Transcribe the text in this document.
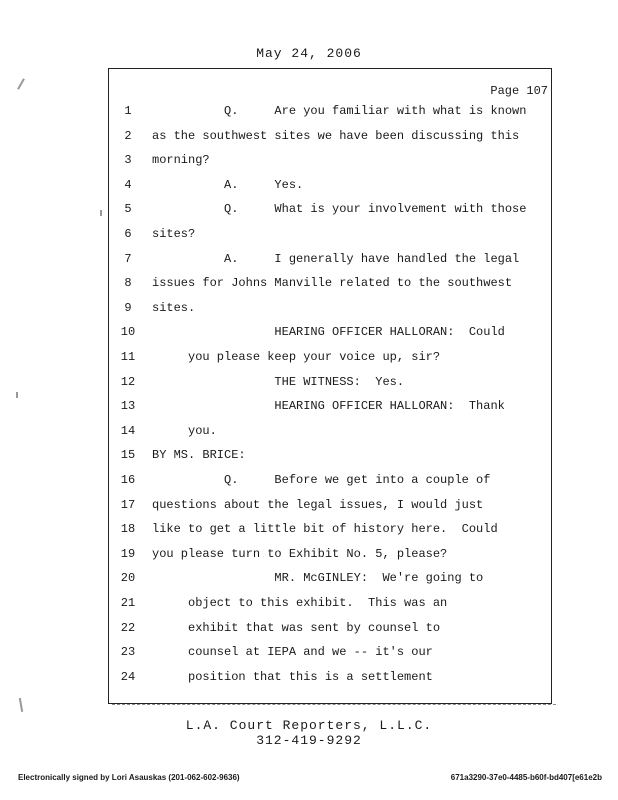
May 24, 2006
Page 107
1	Q.     Are you familiar with what is known
2	as the southwest sites we have been discussing this
3	morning?
4	A.     Yes.
5	Q.     What is your involvement with those
6	sites?
7	A.     I generally have handled the legal
8	issues for Johns Manville related to the southwest
9	sites.
10	HEARING OFFICER HALLORAN:  Could
11	you please keep your voice up, sir?
12	THE WITNESS:  Yes.
13	HEARING OFFICER HALLORAN:  Thank
14	you.
15	BY MS. BRICE:
16	Q.     Before we get into a couple of
17	questions about the legal issues, I would just
18	like to get a little bit of history here.  Could
19	you please turn to Exhibit No. 5, please?
20	MR. McGINLEY:  We're going to
21	object to this exhibit.  This was an
22	exhibit that was sent by counsel to
23	counsel at IEPA and we -- it's our
24	position that this is a settlement
L.A. Court Reporters, L.L.C.
312-419-9292
Electronically signed by Lori Asauskas (201-062-602-9636)	671a3290-37e0-4485-b60f-bd407[e61e2b
